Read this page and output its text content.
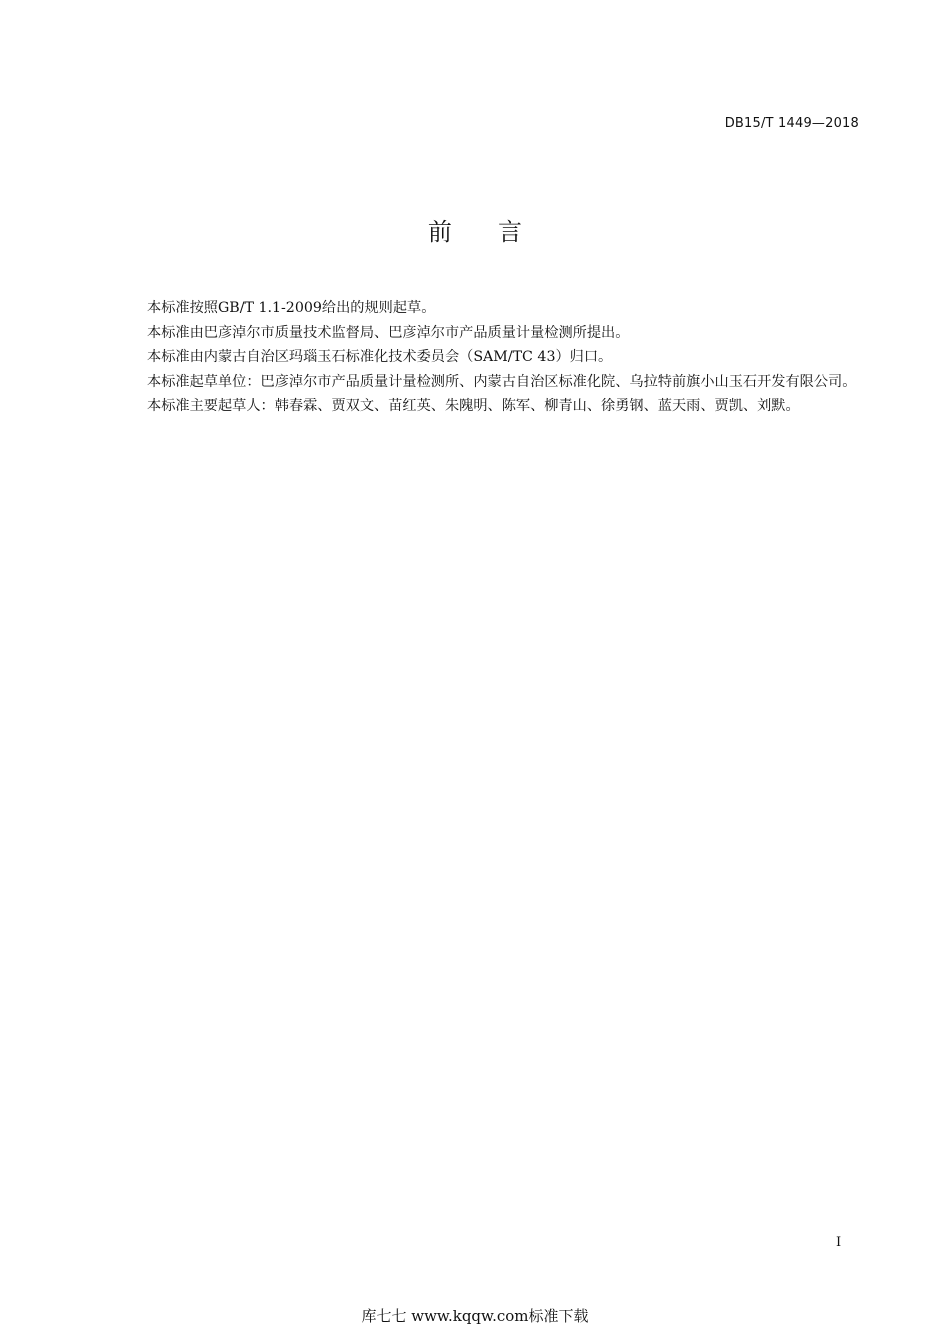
DB15/T 1449—2018
前 言

本标准按照GB/T 1.1-2009给出的规则起草。

本标准由巴彦淖尔市质量技术监督局、巴彦淖尔市产品质量计量检测所提出。

本标准由内蒙古自治区玛瑙玉石标准化技术委员会（SAM/TC 43）归口。

本标准起草单位：巴彦淖尔市产品质量计量检测所、内蒙古自治区标准化院、乌拉特前旗小山玉石开发有限公司。

本标准主要起草人：韩春霖、贾双文、苗红英、朱隗明、陈军、柳青山、徐勇钢、蓝天雨、贾凯、刘默。

I
库七七 www.kqqw.com标准下载
